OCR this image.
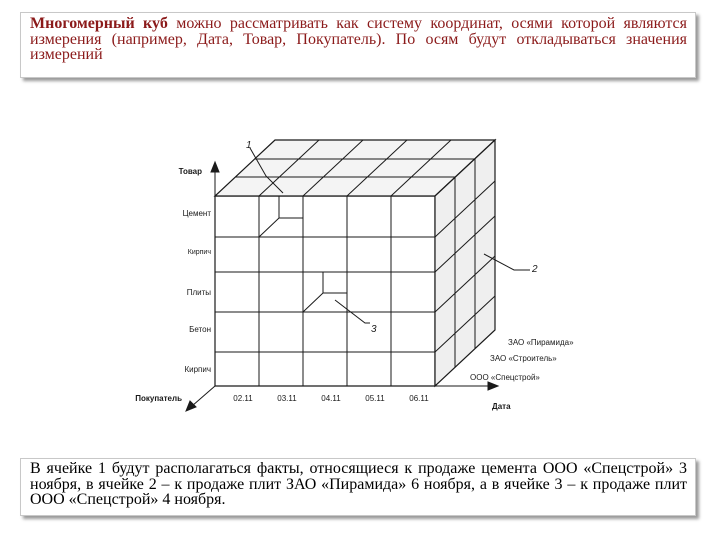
Многомерный куб можно рассматривать как систему координат, осями которой являются измерения (например, Дата, Товар, Покупатель). По осям будут откладываться значения измерений
Товар
Цемент
Кирпич
Плиты
Бетон
Кирпич
Покупатель	02.11	03.11	04.11	05.11	06.11
Дата
ЗАО «Пирамида»
ЗАО «Строитель»
ООО «Спецстрой»
1
2
3
В ячейке 1 будут располагаться факты, относящиеся к продаже цемента ООО «Спецстрой» 3 ноября, в ячейке 2 – к продаже плит ЗАО «Пирамида» 6 ноября, а в ячейке 3 – к продаже плит ООО «Спецстрой» 4 ноября.
